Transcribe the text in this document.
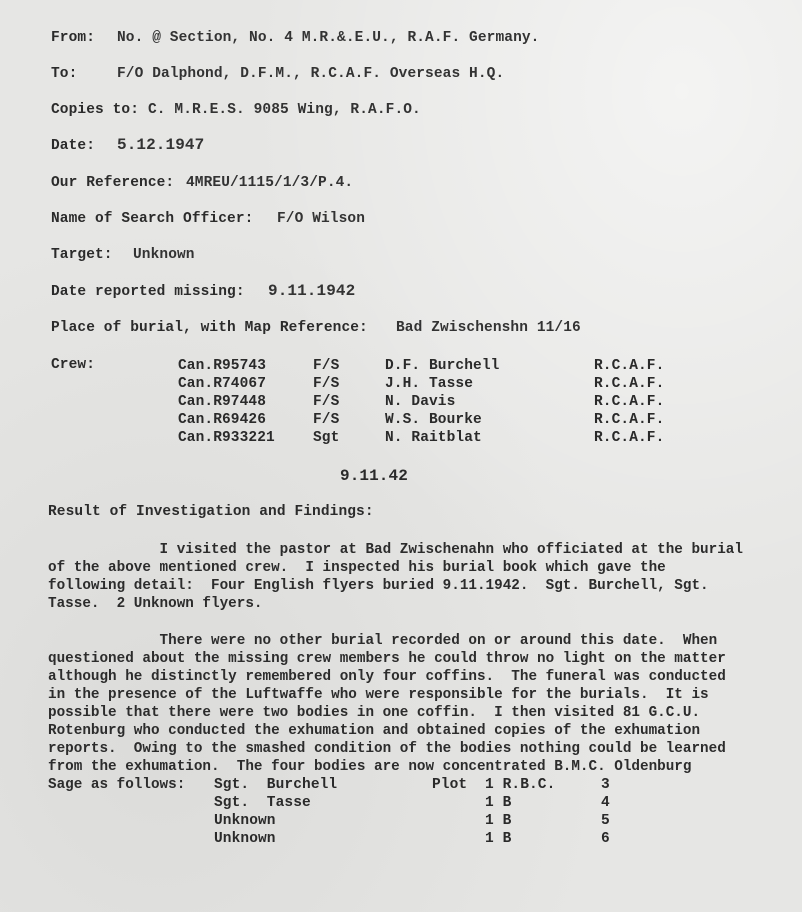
From: No. @ Section, No. 4 M.R.&.E.U., R.A.F. Germany.
To:	F/O Dalphond, D.F.M., R.C.A.F. Overseas H.Q.
Copies to: C. M.R.E.S. 9085 Wing, R.A.F.O.
Date: 5.12.1947
Our Reference: 4MREU/1115/1/3/P.4.
Name of Search Officer: F/O Wilson
Target: Unknown
Date reported missing: 9.11.1942
Place of burial, with Map Reference: Bad Zwischenshn 11/16
Crew:	Can.R95743	F/S	D.F. Burchell	R.C.A.F.
Can.R74067	F/S	J.H. Tasse	R.C.A.F.
Can.R97448	F/S	N. Davis	R.C.A.F.
Can.R69426	F/S	W.S. Bourke	R.C.A.F.
Can.R933221	Sgt	N. Raitblat	R.C.A.F.
9.11.42
Result of Investigation and Findings:
I visited the pastor at Bad Zwischenahn who officiated at the burial
of the above mentioned crew.  I inspected his burial book which gave the
following detail:  Four English flyers buried 9.11.1942.  Sgt. Burchell, Sgt.
Tasse.  2 Unknown flyers.
There were no other burial recorded on or around this date.  When
questioned about the missing crew members he could throw no light on the matter
although he distinctly remembered only four coffins.  The funeral was conducted
in the presence of the Luftwaffe who were responsible for the burials.  It is
possible that there were two bodies in one coffin.  I then visited 81 G.C.U.
Rotenburg who conducted the exhumation and obtained copies of the exhumation
reports.  Owing to the smashed condition of the bodies nothing could be learned
from the exhumation.  The four bodies are now concentrated B.M.C. Oldenburg
Sage as follows: Sgt.  Burchell	Plot 1 R.B.C.	3
Sgt.  Tasse	1 B	4
Unknown	1 B	5
Unknown	1 B	6
